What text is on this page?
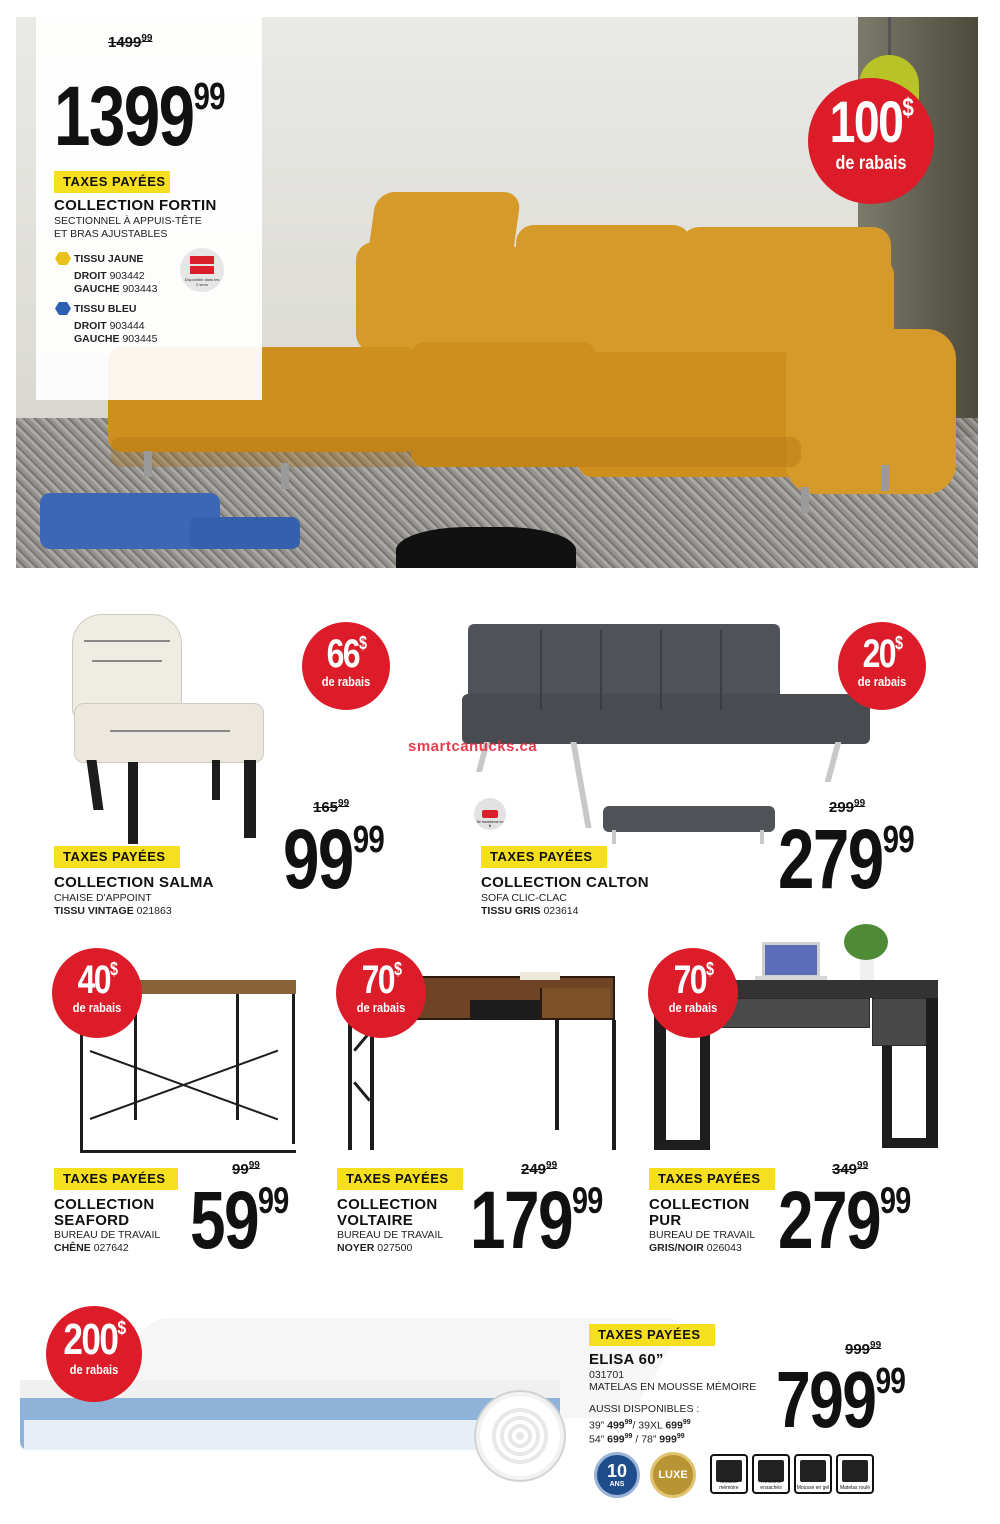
1499$^{99}$
1399$^{99}$
TAXES PAYÉES
COLLECTION FORTIN
SECTIONNEL À APPUIS-TÊTE
ET BRAS AJUSTABLES
TISSU JAUNE
DROIT 903442
GAUCHE 903443
TISSU BLEU
DROIT 903444
GAUCHE 903445
Disponible dans les 2 sens
100$
de rabais
66$
de rabais
$165^{99}$
$99^{99}$
TAXES PAYÉES
COLLECTION SALMA
CHAISE D'APPOINT
TISSU VINTAGE 021863
Se transforme en lit
smartcanucks.ca
20$
de rabais
$299^{99}$
$279^{99}$
TAXES PAYÉES
COLLECTION CALTON
SOFA CLIC-CLAC
TISSU GRIS 023614
40$
de rabais
$99^{99}$
$59^{99}$
TAXES PAYÉES
COLLECTION
SEAFORD
BUREAU DE TRAVAIL
CHÊNE 027642
70$
de rabais
$249^{99}$
$179^{99}$
TAXES PAYÉES
COLLECTION
VOLTAIRE
BUREAU DE TRAVAIL
NOYER 027500
70$
de rabais
$349^{99}$
$279^{99}$
TAXES PAYÉES
COLLECTION
PUR
BUREAU DE TRAVAIL
GRIS/NOIR 026043
200$
de rabais
TAXES PAYÉES
ELISA 60”
031701
MATELAS EN MOUSSE MÉMOIRE
AUSSI DISPONIBLES :
39” $499^{99}/$ 39XL $699^{99}$
54” $699^{99} / 78$” $999^{99}$
$999^{99}$
$799^{99}$
10
ANS
LUXE
Mousse mémoire
Ressorts ensachés	Mousse en gel	Matelas roulé
